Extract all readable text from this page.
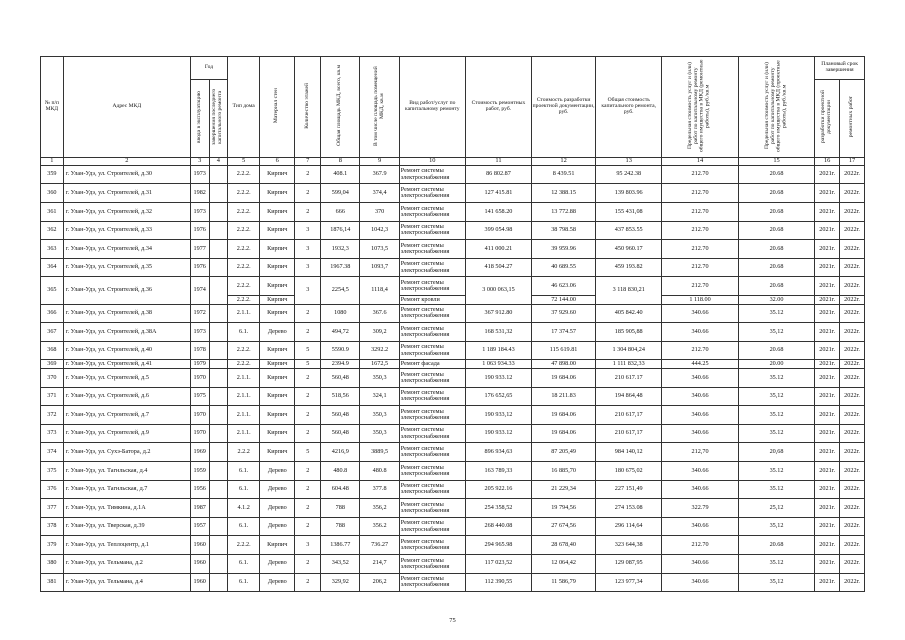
№ п/п МКД	Адрес МКД	Год		Тип дома	Материал стен	Количество этажей	Общая площадь МКД, всего, кв.м	В том числе площадь помещений МКД, кв.м	Вид работ/услуг по капитальному ремонту	Стоимость ремонтных работ, руб.	Стоимость разработки проектной документации, руб.	Общая стоимость капитального ремонта, руб.	Предельная стоимость услуг и (или) работ по капитальному ремонту общего имущества в МКД (ремонтные работы), руб./кв.м	Предельная стоимость услуг и (или) работ по капитальному ремонту общего имущества в МКД (проектные работы), руб./кв.м	Плановый срок завершения	
		ввода в эксплуатацию	завершения последнего капитального ремонта												разработки проектной документации	ремонтных работ
1	2	3	4	5	6	7	8	9	10	11	12	13	14	15	16	17
359	г. Улан-Удэ, ул. Строителей, д.30	1973		2.2.2.	Кирпич	2	408.1	367.9	Ремонт системы электроснабжения	86 802.87	8 439.51	95 242.38	212.70	20.68	2021г.	2022г.
360	г. Улан-Удэ, ул. Строителей, д.31	1982		2.2.2.	Кирпич	2	599,04	374,4	Ремонт системы электроснабжения	127 415.81	12 388.15	139 803.96	212.70	20.68	2021г.	2022г.
361	г. Улан-Удэ, ул. Строителей, д.32	1973		2.2.2.	Кирпич	2	666	370	Ремонт системы электроснабжения	141 658.20	13 772.88	155 431,08	212.70	20.68	2021г.	2022г.
362	г. Улан-Удэ, ул. Строителей, д.33	1976		2.2.2.	Кирпич	3	1876,14	1042,3	Ремонт системы электроснабжения	399 054.98	38 798.58	437 853.55	212.70	20.68	2021г.	2022г.
363	г. Улан-Удэ, ул. Строителей, д.34	1977		2.2.2.	Кирпич	3	1932,3	1073,5	Ремонт системы электроснабжения	411 000.21	39 959.96	450 960.17	212.70	20.68	2021г.	2022г.
364	г. Улан-Удэ, ул. Строителей, д.35	1976		2.2.2.	Кирпич	3	1967.38	1093,7	Ремонт системы электроснабжения	418 504.27	40 689.55	459 193.82	212.70	20.68	2021г.	2022г.
365	г. Улан-Удэ, ул. Строителей, д.36	1974		2.2.2.	Кирпич	3	2254,5	1118,4	Ремонт системы электроснабжения	3 000 063,15	46 623.06	3 118 830,21	212.70	20.68	2021г.	2022г.
				2.2.2.	Кирпич				Ремонт кровли		72 144.00		1 118.00	32.00	2021г.	2022г.
366	г. Улан-Удэ, ул. Строителей, д.38	1972		2.1.1.	Кирпич	2	1080	367.6	Ремонт системы электроснабжения	367 912.80	37 929.60	405 842.40	340.66	35.12	2021г.	2022г.
367	г. Улан-Удэ, ул. Строителей, д.38А	1973		6.1.	Дерево	2	494,72	309,2	Ремонт системы электроснабжения	168 531,32	17 374.57	185 905,88	340.66	35,12	2021г.	2022г.
368	г. Улан-Удэ, ул. Строителей, д.40	1978		2.2.2.	Кирпич	5	5590.9	3292.2	Ремонт системы электроснабжения	1 189 184.43	115 619.81	1 304 804,24	212.70	20.68	2021г.	2022г.
369	г. Улан-Удэ, ул. Строителей, д.41	1979		2.2.2.	Кирпич	5	2394.9	1672,5	Ремонт фасада	1 063 934.33	47 898.00	1 111 832,33	444.25	20.00	2021г.	2022г.
370	г. Улан-Удэ, ул. Строителей, д.5	1970		2.1.1.	Кирпич	2	560,48	350,3	Ремонт системы электроснабжения	190 933.12	19 684.06	210 617.17	340.66	35.12	2021г.	2022г.
371	г. Улан-Удэ, ул. Строителей, д.6	1975		2.1.1.	Кирпич	2	518,56	324,1	Ремонт системы электроснабжения	176 652,65	18 211.83	194 864,48	340.66	35,12	2021г.	2022г.
372	г. Улан-Удэ, ул. Строителей, д.7	1970		2.1.1.	Кирпич	2	560,48	350,3	Ремонт системы электроснабжения	190 933,12	19 684.06	210 617,17	340.66	35.12	2021г.	2022г.
373	г. Улан-Удэ, ул. Строителей, д.9	1970		2.1.1.	Кирпич	2	560,48	350,3	Ремонт системы электроснабжения	190 933.12	19 684.06	210 617,17	340.66	35.12	2021г.	2022г.
374	г. Улан-Удэ, ул. Сухэ-Батора, д.2	1969		2.2.2	Кирпич	5	4216,9	3889,5	Ремонт системы электроснабжения	896 934,63	87 205,49	984 140,12	212,70	20,68	2021г.	2022г.
375	г. Улан-Удэ, ул. Тагнльская, д.4	1959		6.1.	Дерево	2	480.8	480.8	Ремонт системы электроснабжения	163 789,33	16 885,70	180 675,02	340.66	35.12	2021г.	2022г.
376	г. Улан-Удэ, ул. Тагнльская, д.7	1956		6.1.	Дерево	2	604.48	377.8	Ремонт системы электроснабжения	205 922.16	21 229,34	227 151,49	340.66	35.12	2021г.	2022г.
377	г. Улан-Удэ, ул. Тимкина, д.1А	1987		4.1.2	Дерево	2	788	356,2	Ремонт системы электроснабжения	254 358,52	19 794,56	274 153.08	322.79	25,12	2021г.	2022г.
378	г. Улан-Удэ, ул. Тверская, д.39	1957		6.1.	Дерево	2	788	356.2	Ремонт системы электроснабжения	268 440.08	27 674,56	296 114,64	340.66	35,12	2021г.	2022г.
379	г. Улан-Удэ, ул. Теплоцентр, д.1	1960		2.2.2.	Кирпич	3	1386.77	736.27	Ремонт системы электроснабжения	294 965.98	28 678,40	323 644,38	212.70	20.68	2021г.	2022г.
380	г. Улан-Удэ, ул. Тельмана, д.2	1960		6.1.	Дерево	2	343,52	214,7	Ремонт системы электроснабжения	117 023,52	12 064,42	129 087,95	340.66	35.12	2021г.	2022г.
381	г. Улан-Удэ, ул. Тельмана, д.4	1960		6.1.	Дерево	2	329,92	206,2	Ремонт системы электроснабжения	112 390,55	11 586,79	123 977,34	340.66	35,12	2021г.	2022г.
75
